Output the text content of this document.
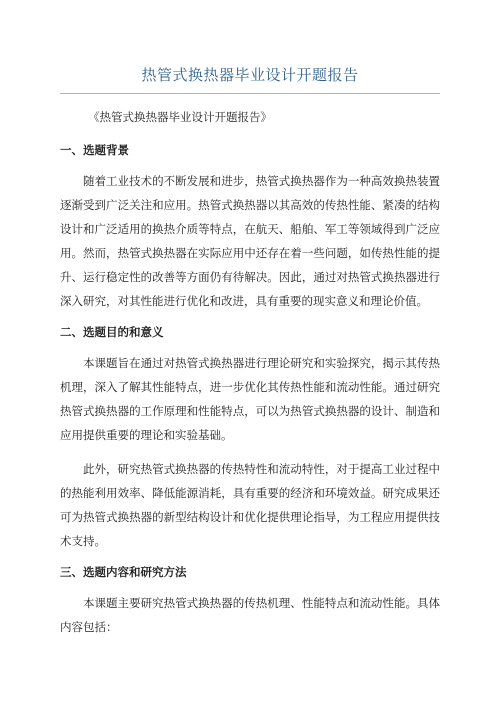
热管式换热器毕业设计开题报告
《热管式换热器毕业设计开题报告》
一、选题背景

随着工业技术的不断发展和进步，热管式换热器作为一种高效换热装置逐渐受到广泛关注和应用。热管式换热器以其高效的传热性能、紧凑的结构设计和广泛适用的换热介质等特点，在航天、船舶、军工等领域得到广泛应用。然而，热管式换热器在实际应用中还存在着一些问题，如传热性能的提升、运行稳定性的改善等方面仍有待解决。因此，通过对热管式换热器进行深入研究，对其性能进行优化和改进，具有重要的现实意义和理论价值。

二、选题目的和意义

本课题旨在通过对热管式换热器进行理论研究和实验探究，揭示其传热机理，深入了解其性能特点，进一步优化其传热性能和流动性能。通过研究热管式换热器的工作原理和性能特点，可以为热管式换热器的设计、制造和应用提供重要的理论和实验基础。

此外，研究热管式换热器的传热特性和流动特性，对于提高工业过程中的热能利用效率、降低能源消耗，具有重要的经济和环境效益。研究成果还可为热管式换热器的新型结构设计和优化提供理论指导，为工程应用提供技术支持。

三、选题内容和研究方法

本课题主要研究热管式换热器的传热机理、性能特点和流动性能。具体内容包括：
